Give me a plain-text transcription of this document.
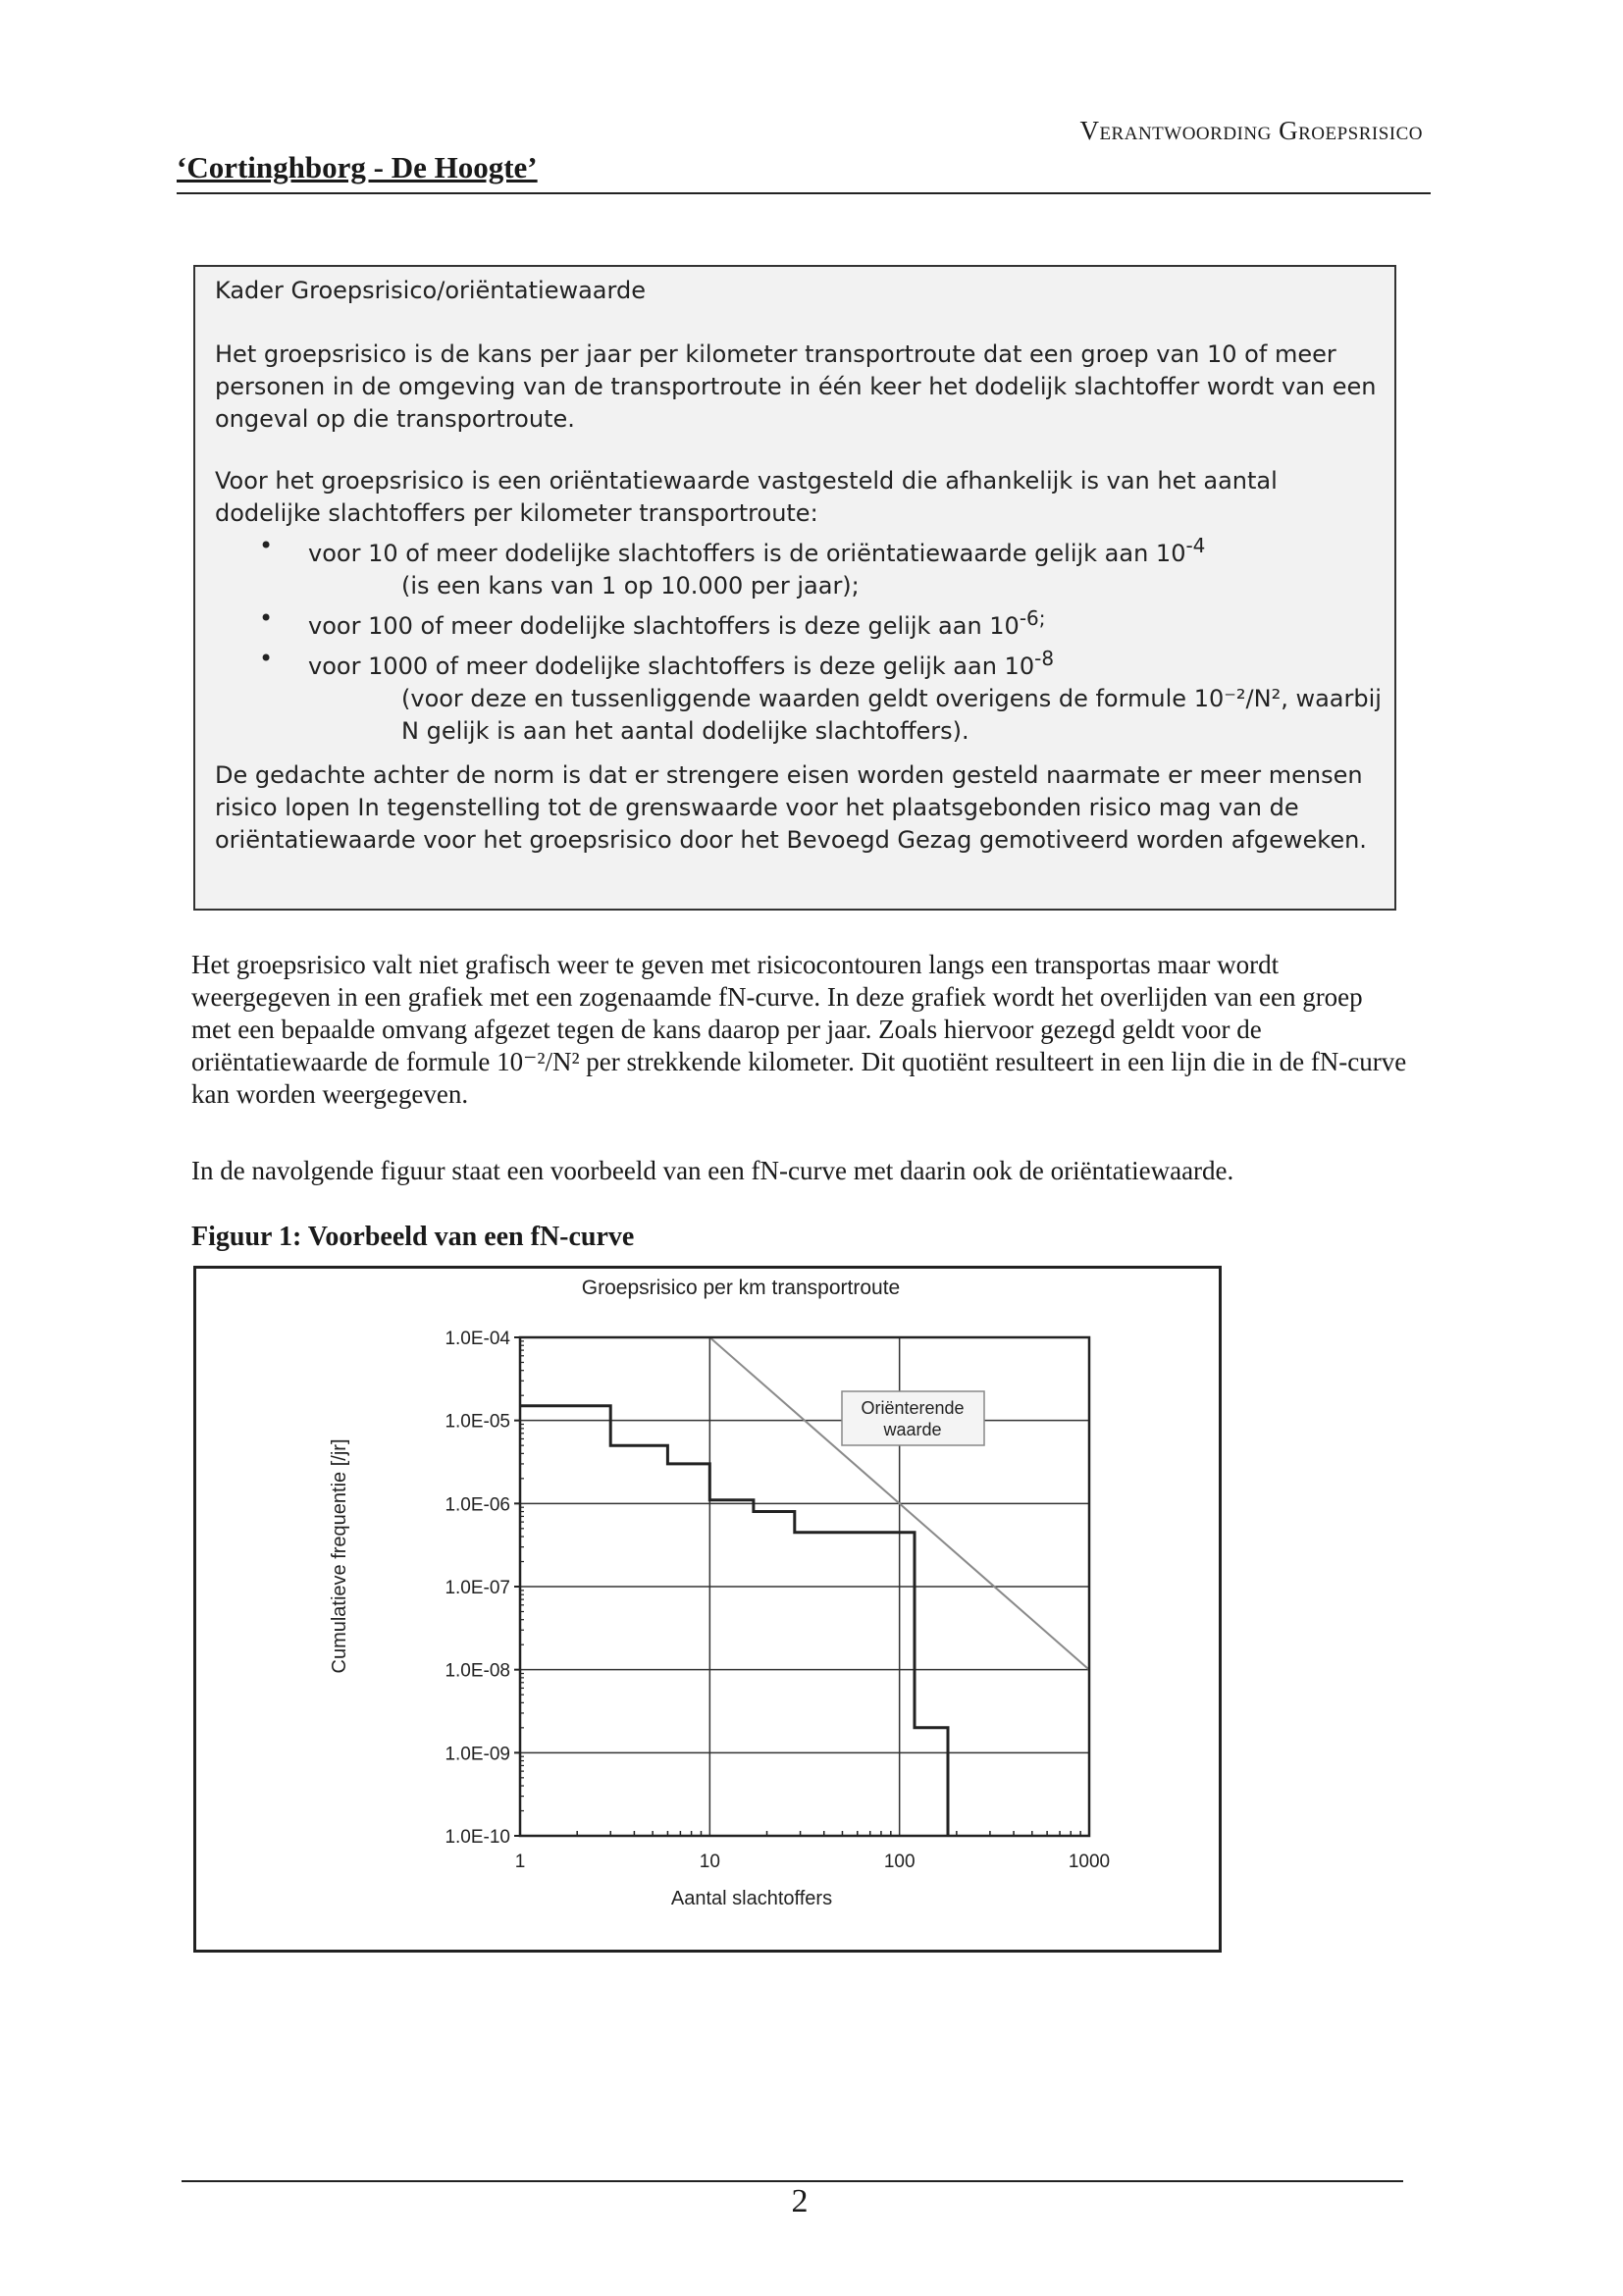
Verantwoording Groepsrisico
‘Cortinghborg - De Hoogte’
Kader Groepsrisico/oriëntatiewaarde
Het groepsrisico is de kans per jaar per kilometer transportroute dat een groep van 10 of meer personen in de omgeving van de transportroute in één keer het dodelijk slachtoffer wordt van een ongeval op die transportroute.
Voor het groepsrisico is een oriëntatiewaarde vastgesteld die afhankelijk is van het aantal dodelijke slachtoffers per kilometer transportroute:
• voor 10 of meer dodelijke slachtoffers is de oriëntatiewaarde gelijk aan $10^{-4}$
(is een kans van 1 op 10.000 per jaar);
• voor 100 of meer dodelijke slachtoffers is deze gelijk aan $10^{-6;}$
• voor 1000 of meer dodelijke slachtoffers is deze gelijk aan $10^{-8}$
(voor deze en tussenliggende waarden geldt overigens de formule 10⁻²/N², waarbij N gelijk is aan het aantal dodelijke slachtoffers).
De gedachte achter de norm is dat er strengere eisen worden gesteld naarmate er meer mensen risico lopen In tegenstelling tot de grenswaarde voor het plaatsgebonden risico mag van de oriëntatiewaarde voor het groepsrisico door het Bevoegd Gezag gemotiveerd worden afgeweken.
Het groepsrisico valt niet grafisch weer te geven met risicocontouren langs een transportas maar wordt weergegeven in een grafiek met een zogenaamde fN-curve. In deze grafiek wordt het overlijden van een groep met een bepaalde omvang afgezet tegen de kans daarop per jaar. Zoals hiervoor gezegd geldt voor de oriëntatiewaarde de formule 10⁻²/N² per strekkende kilometer. Dit quotiënt resulteert in een lijn die in de fN-curve kan worden weergegeven.
In de navolgende figuur staat een voorbeeld van een fN-curve met daarin ook de oriëntatiewaarde.
Figuur 1: Voorbeeld van een fN-curve
1.0E-04
1.0E-05
1.0E-06
1.0E-07
1.0E-08
1.0E-09
1.0E-10
1	10	100	1000
Groepsrisico per km transportroute
Aantal slachtoffers
Cumulatieve frequentie [/jr]
Oriënterende
waarde
2
